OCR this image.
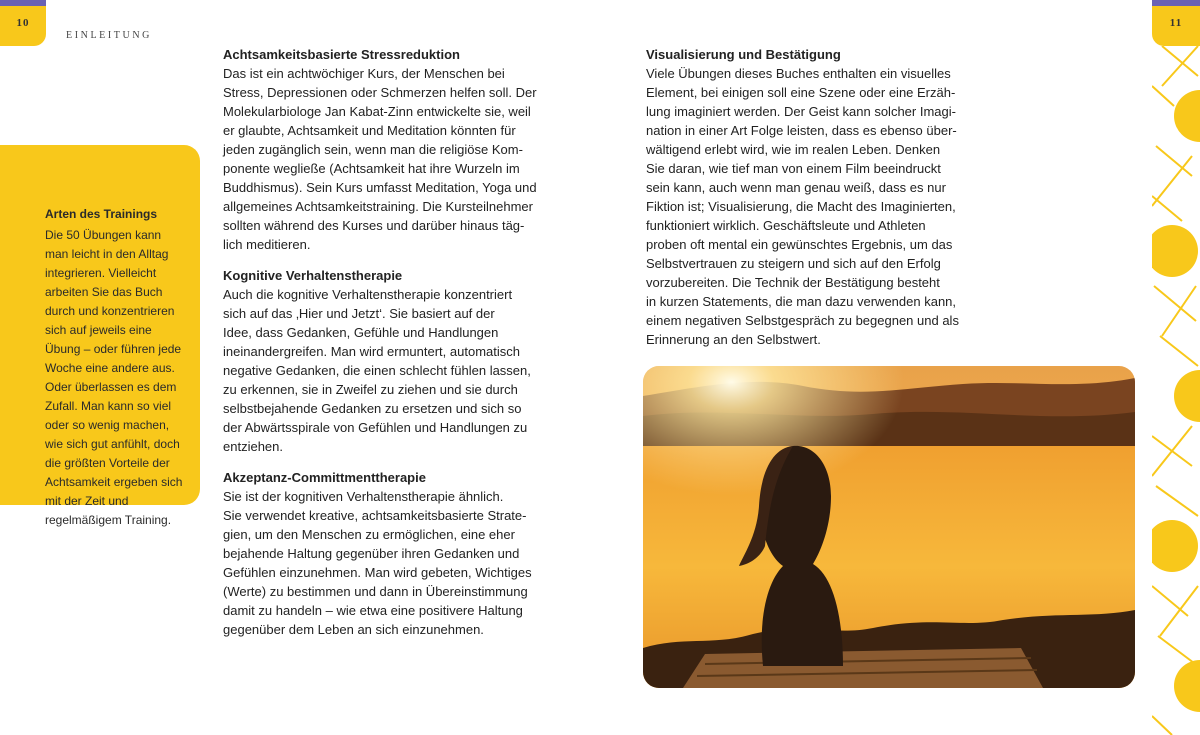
10
EINLEITUNG
11
Arten des Trainings
Die 50 Übungen kann man leicht in den Alltag integrieren. Vielleicht arbeiten Sie das Buch durch und konzentrieren sich auf jeweils eine Übung – oder führen jede Woche eine andere aus. Oder überlassen es dem Zufall. Man kann so viel oder so wenig machen, wie sich gut anfühlt, doch die größten Vorteile der Achtsamkeit ergeben sich mit der Zeit und regelmäßigem Training.
Achtsamkeitsbasierte Stressreduktion
Das ist ein achtwöchiger Kurs, der Menschen bei
Stress, Depressionen oder Schmerzen helfen soll. Der
Molekularbiologe Jan Kabat-Zinn entwickelte sie, weil
er glaubte, Achtsamkeit und Meditation könnten für
jeden zugänglich sein, wenn man die religiöse Kom-
ponente wegließe (Achtsamkeit hat ihre Wurzeln im
Buddhismus). Sein Kurs umfasst Meditation, Yoga und
allgemeines Achtsamkeitstraining. Die Kursteilnehmer
sollten während des Kurses und darüber hinaus täg-
lich meditieren.
Kognitive Verhaltenstherapie
Auch die kognitive Verhaltenstherapie konzentriert
sich auf das ‚Hier und Jetzt‘. Sie basiert auf der
Idee, dass Gedanken, Gefühle und Handlungen
ineinandergreifen. Man wird ermuntert, automatisch
negative Gedanken, die einen schlecht fühlen lassen,
zu erkennen, sie in Zweifel zu ziehen und sie durch
selbstbejahende Gedanken zu ersetzen und sich so
der Abwärtsspirale von Gefühlen und Handlungen zu
entziehen.
Akzeptanz-Committmenttherapie
Sie ist der kognitiven Verhaltenstherapie ähnlich.
Sie verwendet kreative, achtsamkeitsbasierte Strate-
gien, um den Menschen zu ermöglichen, eine eher
bejahende Haltung gegenüber ihren Gedanken und
Gefühlen einzunehmen. Man wird gebeten, Wichtiges
(Werte) zu bestimmen und dann in Übereinstimmung
damit zu handeln – wie etwa eine positivere Haltung
gegenüber dem Leben an sich einzunehmen.
Visualisierung und Bestätigung
Viele Übungen dieses Buches enthalten ein visuelles
Element, bei einigen soll eine Szene oder eine Erzäh-
lung imaginiert werden. Der Geist kann solcher Imagi-
nation in einer Art Folge leisten, dass es ebenso über-
wältigend erlebt wird, wie im realen Leben. Denken
Sie daran, wie tief man von einem Film beeindruckt
sein kann, auch wenn man genau weiß, dass es nur
Fiktion ist; Visualisierung, die Macht des Imaginierten,
funktioniert wirklich. Geschäftsleute und Athleten
proben oft mental ein gewünschtes Ergebnis, um das
Selbstvertrauen zu steigern und sich auf den Erfolg
vorzubereiten. Die Technik der Bestätigung besteht
in kurzen Statements, die man dazu verwenden kann,
einem negativen Selbstgespräch zu begegnen und als
Erinnerung an den Selbstwert.
